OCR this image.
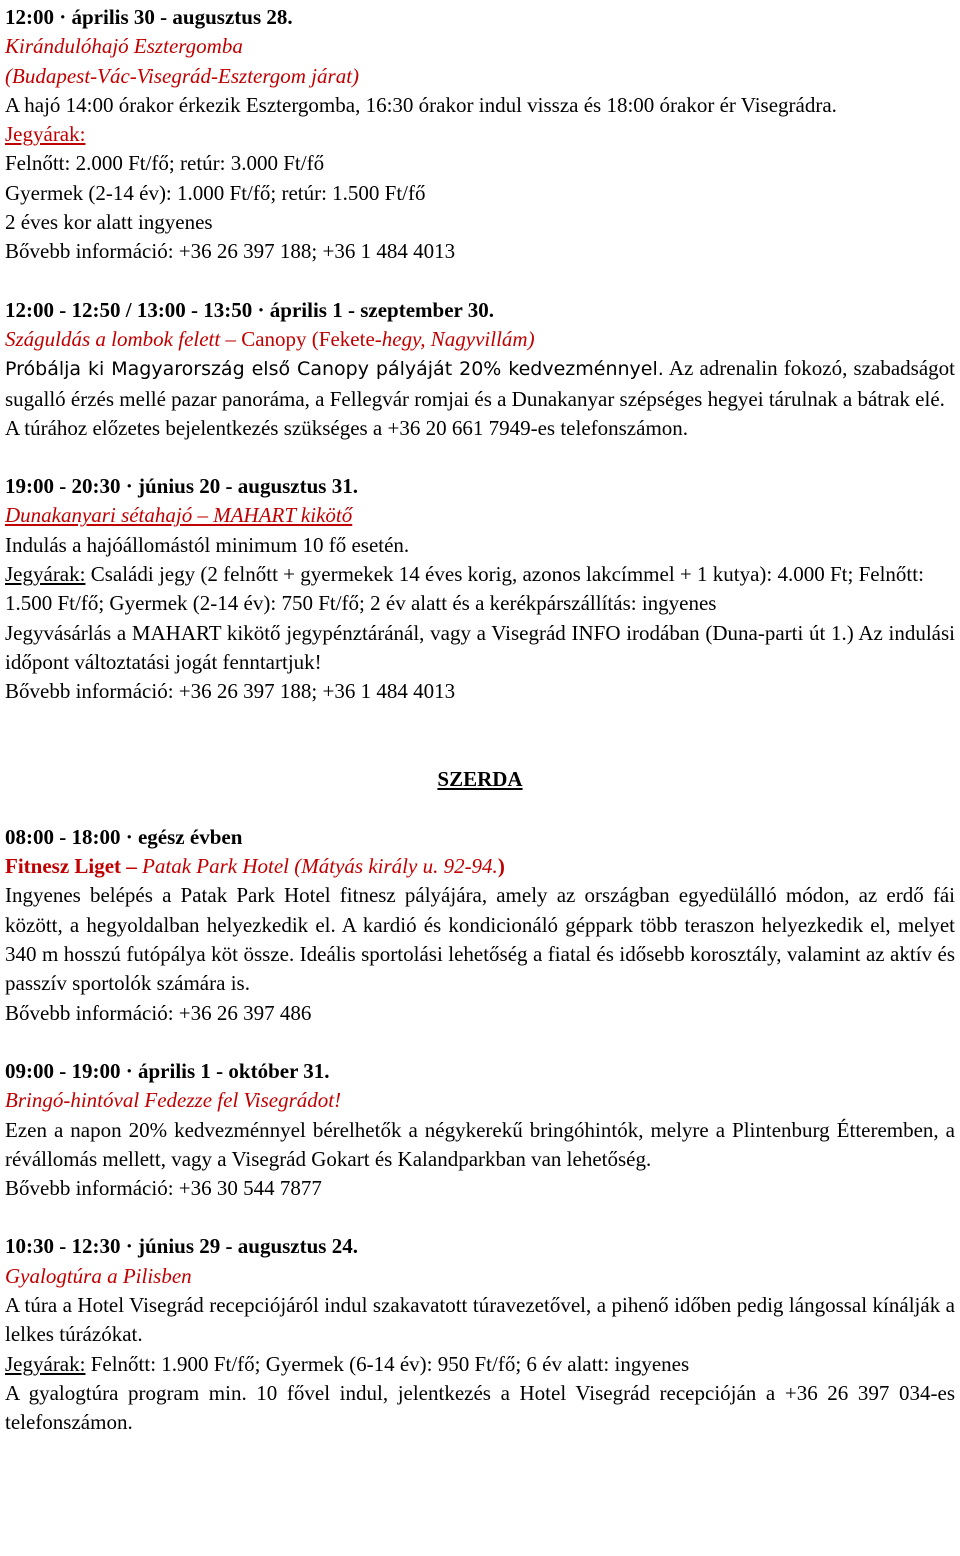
12:00 · április 30 - augusztus 28.

Kirándulóhajó Esztergomba

(Budapest-Vác-Visegrád-Esztergom járat)

A hajó 14:00 órakor érkezik Esztergomba, 16:30 órakor indul vissza és 18:00 órakor ér Visegrádra.

Jegyárak:

Felnőtt: 2.000 Ft/fő; retúr: 3.000 Ft/fő

Gyermek (2-14 év): 1.000 Ft/fő; retúr: 1.500 Ft/fő

2 éves kor alatt ingyenes

Bővebb információ: +36 26 397 188; +36 1 484 4013

12:00 - 12:50 / 13:00 - 13:50 · április 1 - szeptember 30.

Száguldás a lombok felett – Canopy (Fekete-hegy, Nagyvillám)

Próbálja ki Magyarország első Canopy pályáját 20% kedvezménnyel. Az adrenalin fokozó, szabadságot sugalló érzés mellé pazar panoráma, a Fellegvár romjai és a Dunakanyar szépséges hegyei tárulnak a bátrak elé.

A túrához előzetes bejelentkezés szükséges a +36 20 661 7949-es telefonszámon.

19:00 - 20:30 · június 20 - augusztus 31.

Dunakanyari sétahajó – MAHART kikötő

Indulás a hajóállomástól minimum 10 fő esetén.

Jegyárak: Családi jegy (2 felnőtt + gyermekek 14 éves korig, azonos lakcímmel + 1 kutya): 4.000 Ft; Felnőtt: 1.500 Ft/fő; Gyermek (2-14 év): 750 Ft/fő; 2 év alatt és a kerékpárszállítás: ingyenes

Jegyvásárlás a MAHART kikötő jegypénztáránál, vagy a Visegrád INFO irodában (Duna-parti út 1.) Az indulási időpont változtatási jogát fenntartjuk!

Bővebb információ: +36 26 397 188; +36 1 484 4013

SZERDA

08:00 - 18:00 · egész évben

Fitnesz Liget – Patak Park Hotel (Mátyás király u. 92-94.)

Ingyenes belépés a Patak Park Hotel fitnesz pályájára, amely az országban egyedülálló módon, az erdő fái között, a hegyoldalban helyezkedik el. A kardió és kondicionáló géppark több teraszon helyezkedik el, melyet 340 m hosszú futópálya köt össze. Ideális sportolási lehetőség a fiatal és idősebb korosztály, valamint az aktív és passzív sportolók számára is.

Bővebb információ: +36 26 397 486

09:00 - 19:00 · április 1 - október 31.

Bringó-hintóval Fedezze fel Visegrádot!

Ezen a napon 20% kedvezménnyel bérelhetők a négykerekű bringóhintók, melyre a Plintenburg Étteremben, a révállomás mellett, vagy a Visegrád Gokart és Kalandparkban van lehetőség.

Bővebb információ: +36 30 544 7877

10:30 - 12:30 · június 29 - augusztus 24.

Gyalogtúra a Pilisben

A túra a Hotel Visegrád recepciójáról indul szakavatott túravezetővel, a pihenő időben pedig lángossal kínálják a lelkes túrázókat.

Jegyárak: Felnőtt: 1.900 Ft/fő; Gyermek (6-14 év): 950 Ft/fő; 6 év alatt: ingyenes

A gyalogtúra program min. 10 fővel indul, jelentkezés a Hotel Visegrád recepcióján a +36 26 397 034-es telefonszámon.
